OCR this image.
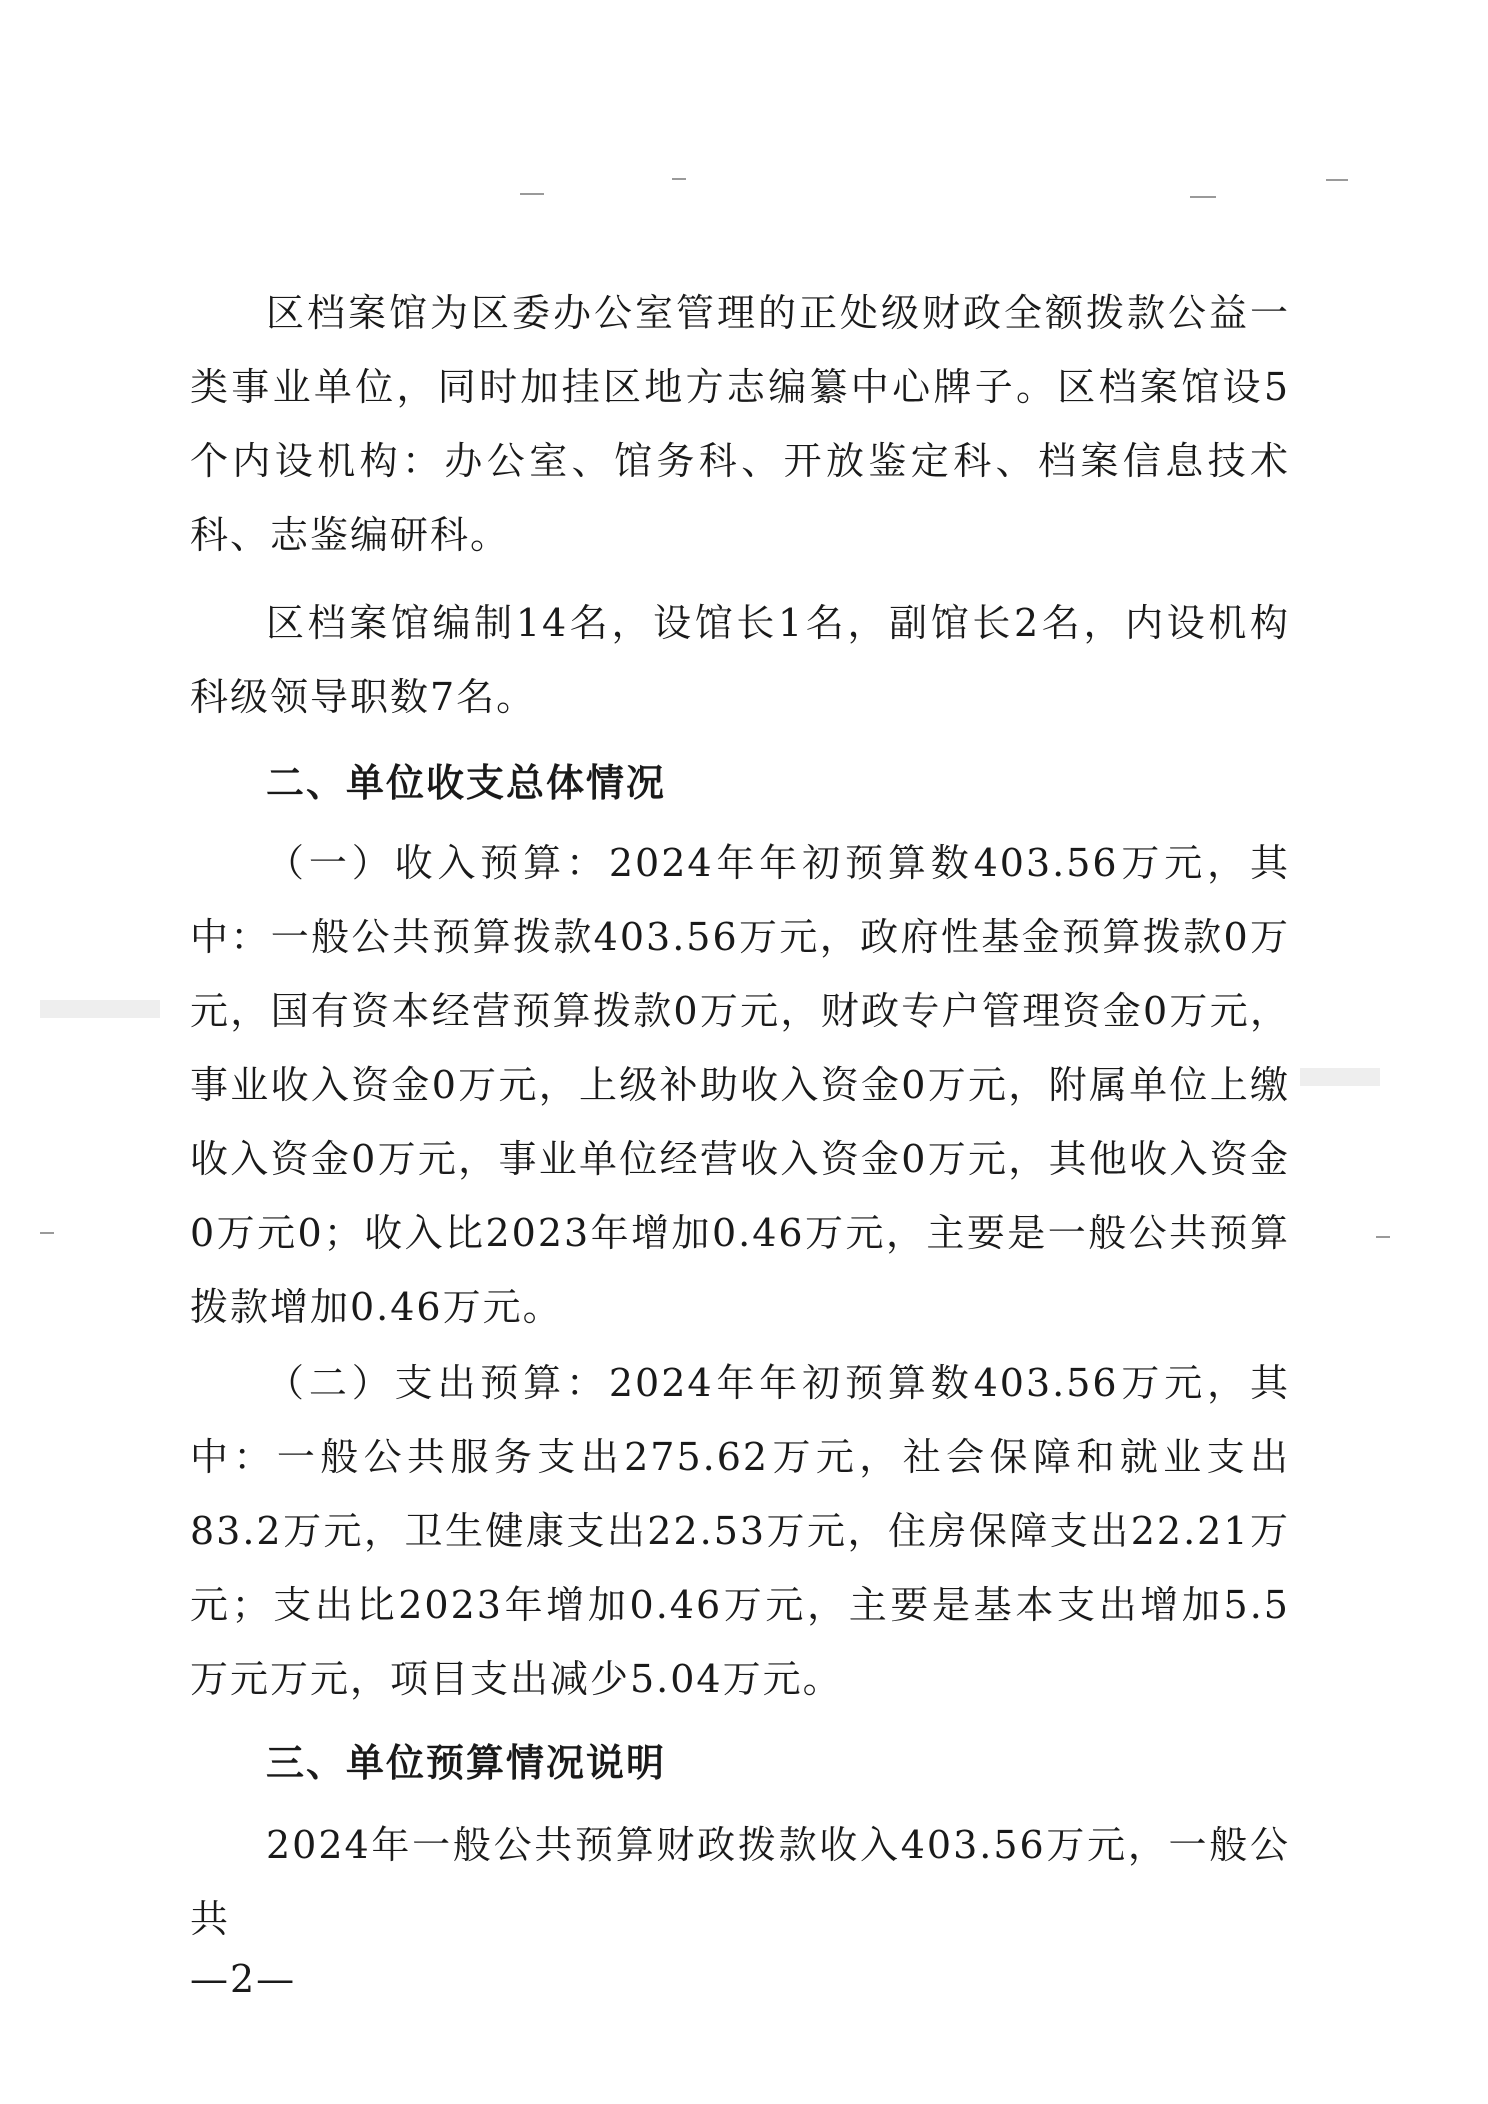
区档案馆为区委办公室管理的正处级财政全额拨款公益一类事业单位，同时加挂区地方志编纂中心牌子。区档案馆设5个内设机构：办公室、馆务科、开放鉴定科、档案信息技术科、志鉴编研科。

区档案馆编制14名，设馆长1名，副馆长2名，内设机构科级领导职数7名。

二、单位收支总体情况

（一）收入预算：2024年年初预算数403.56万元，其中：一般公共预算拨款403.56万元，政府性基金预算拨款0万元，国有资本经营预算拨款0万元，财政专户管理资金0万元，事业收入资金0万元，上级补助收入资金0万元，附属单位上缴收入资金0万元，事业单位经营收入资金0万元，其他收入资金0万元0；收入比2023年增加0.46万元，主要是一般公共预算拨款增加0.46万元。

（二）支出预算：2024年年初预算数403.56万元，其中：一般公共服务支出275.62万元，社会保障和就业支出83.2万元，卫生健康支出22.53万元，住房保障支出22.21万元；支出比2023年增加0.46万元，主要是基本支出增加5.5万元万元，项目支出减少5.04万元。

三、单位预算情况说明

2024年一般公共预算财政拨款收入403.56万元，一般公共

—2—
